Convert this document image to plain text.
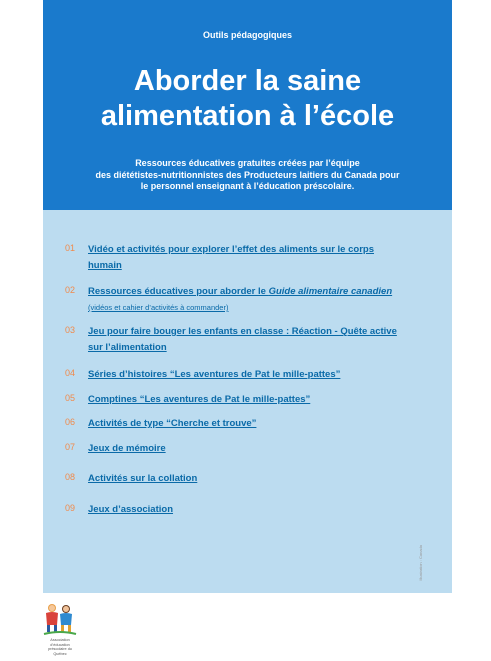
Outils pédagogiques
Aborder la saine
alimentation à l’école
Ressources éducatives gratuites créées par l’équipe
des diététistes-nutritionnistes des Producteurs laitiers du Canada pour
le personnel enseignant à l’éducation préscolaire.
01 Vidéo et activités pour explorer l’effet des aliments sur le corps
humain
02 Ressources éducatives pour aborder le Guide alimentaire canadien
(vidéos et cahier d’activités à commander)
03 Jeu pour faire bouger les enfants en classe : Réaction - Quête active
sur l’alimentation
04 Séries d’histoires “Les aventures de Pat le mille-pattes”
05 Comptines “Les aventures de Pat le mille-pattes”
06 Activités de type “Cherche et trouve”
07 Jeux de mémoire
08 Activités sur la collation
09 Jeux d’association
Illustration : Canada
Association d’éducation
préscolaire du Québec
